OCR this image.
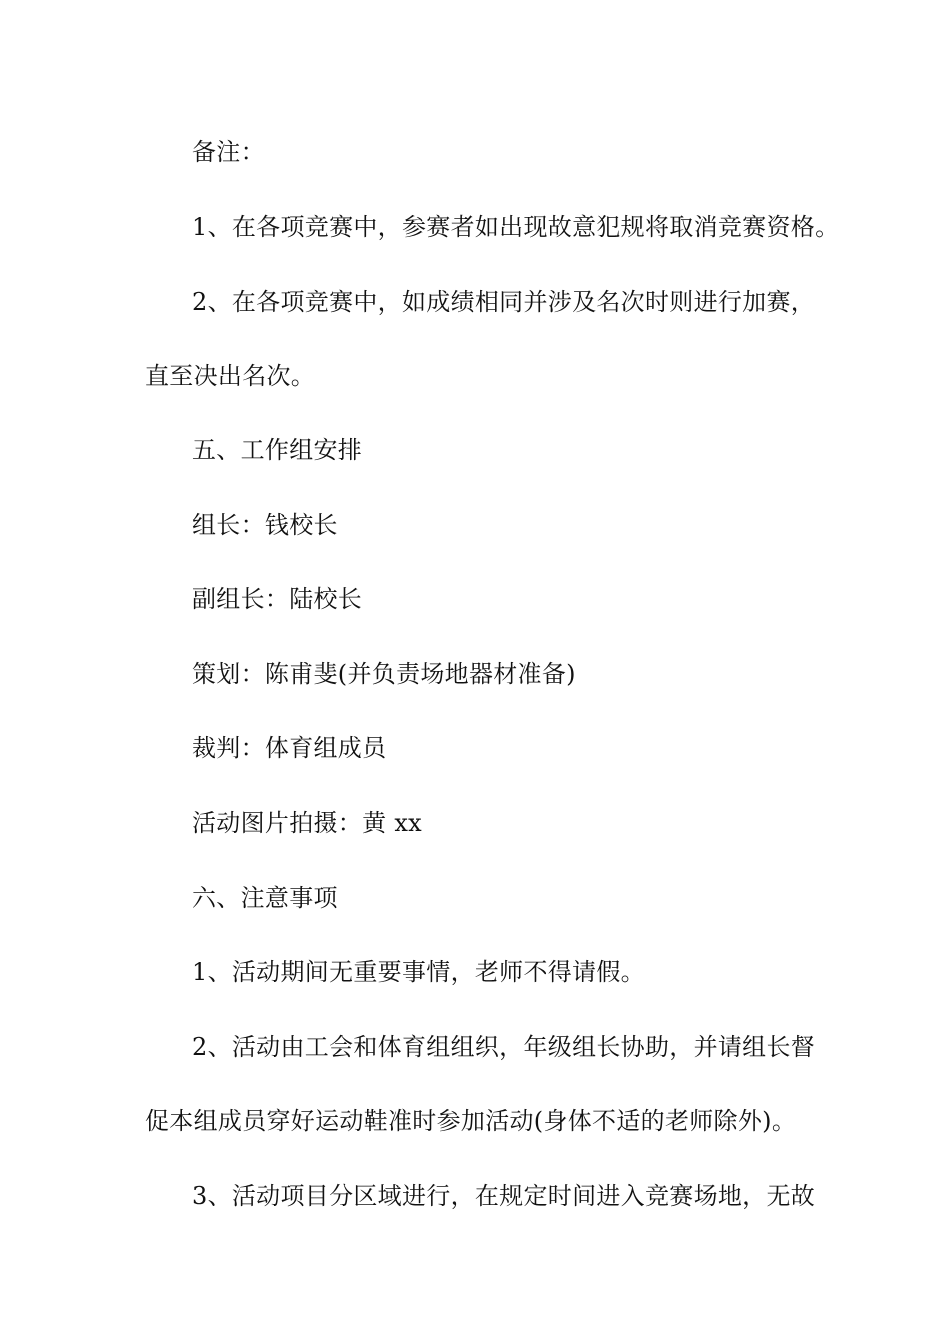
备注：
1、在各项竞赛中，参赛者如出现故意犯规将取消竞赛资格。
2、在各项竞赛中，如成绩相同并涉及名次时则进行加赛，
直至决出名次。
五、工作组安排
组长：钱校长
副组长：陆校长
策划：陈甫斐(并负责场地器材准备)
裁判：体育组成员
活动图片拍摄：黄 xx
六、注意事项
1、活动期间无重要事情，老师不得请假。
2、活动由工会和体育组组织，年级组长协助，并请组长督
促本组成员穿好运动鞋准时参加活动(身体不适的老师除外)。
3、活动项目分区域进行，在规定时间进入竞赛场地，无故
